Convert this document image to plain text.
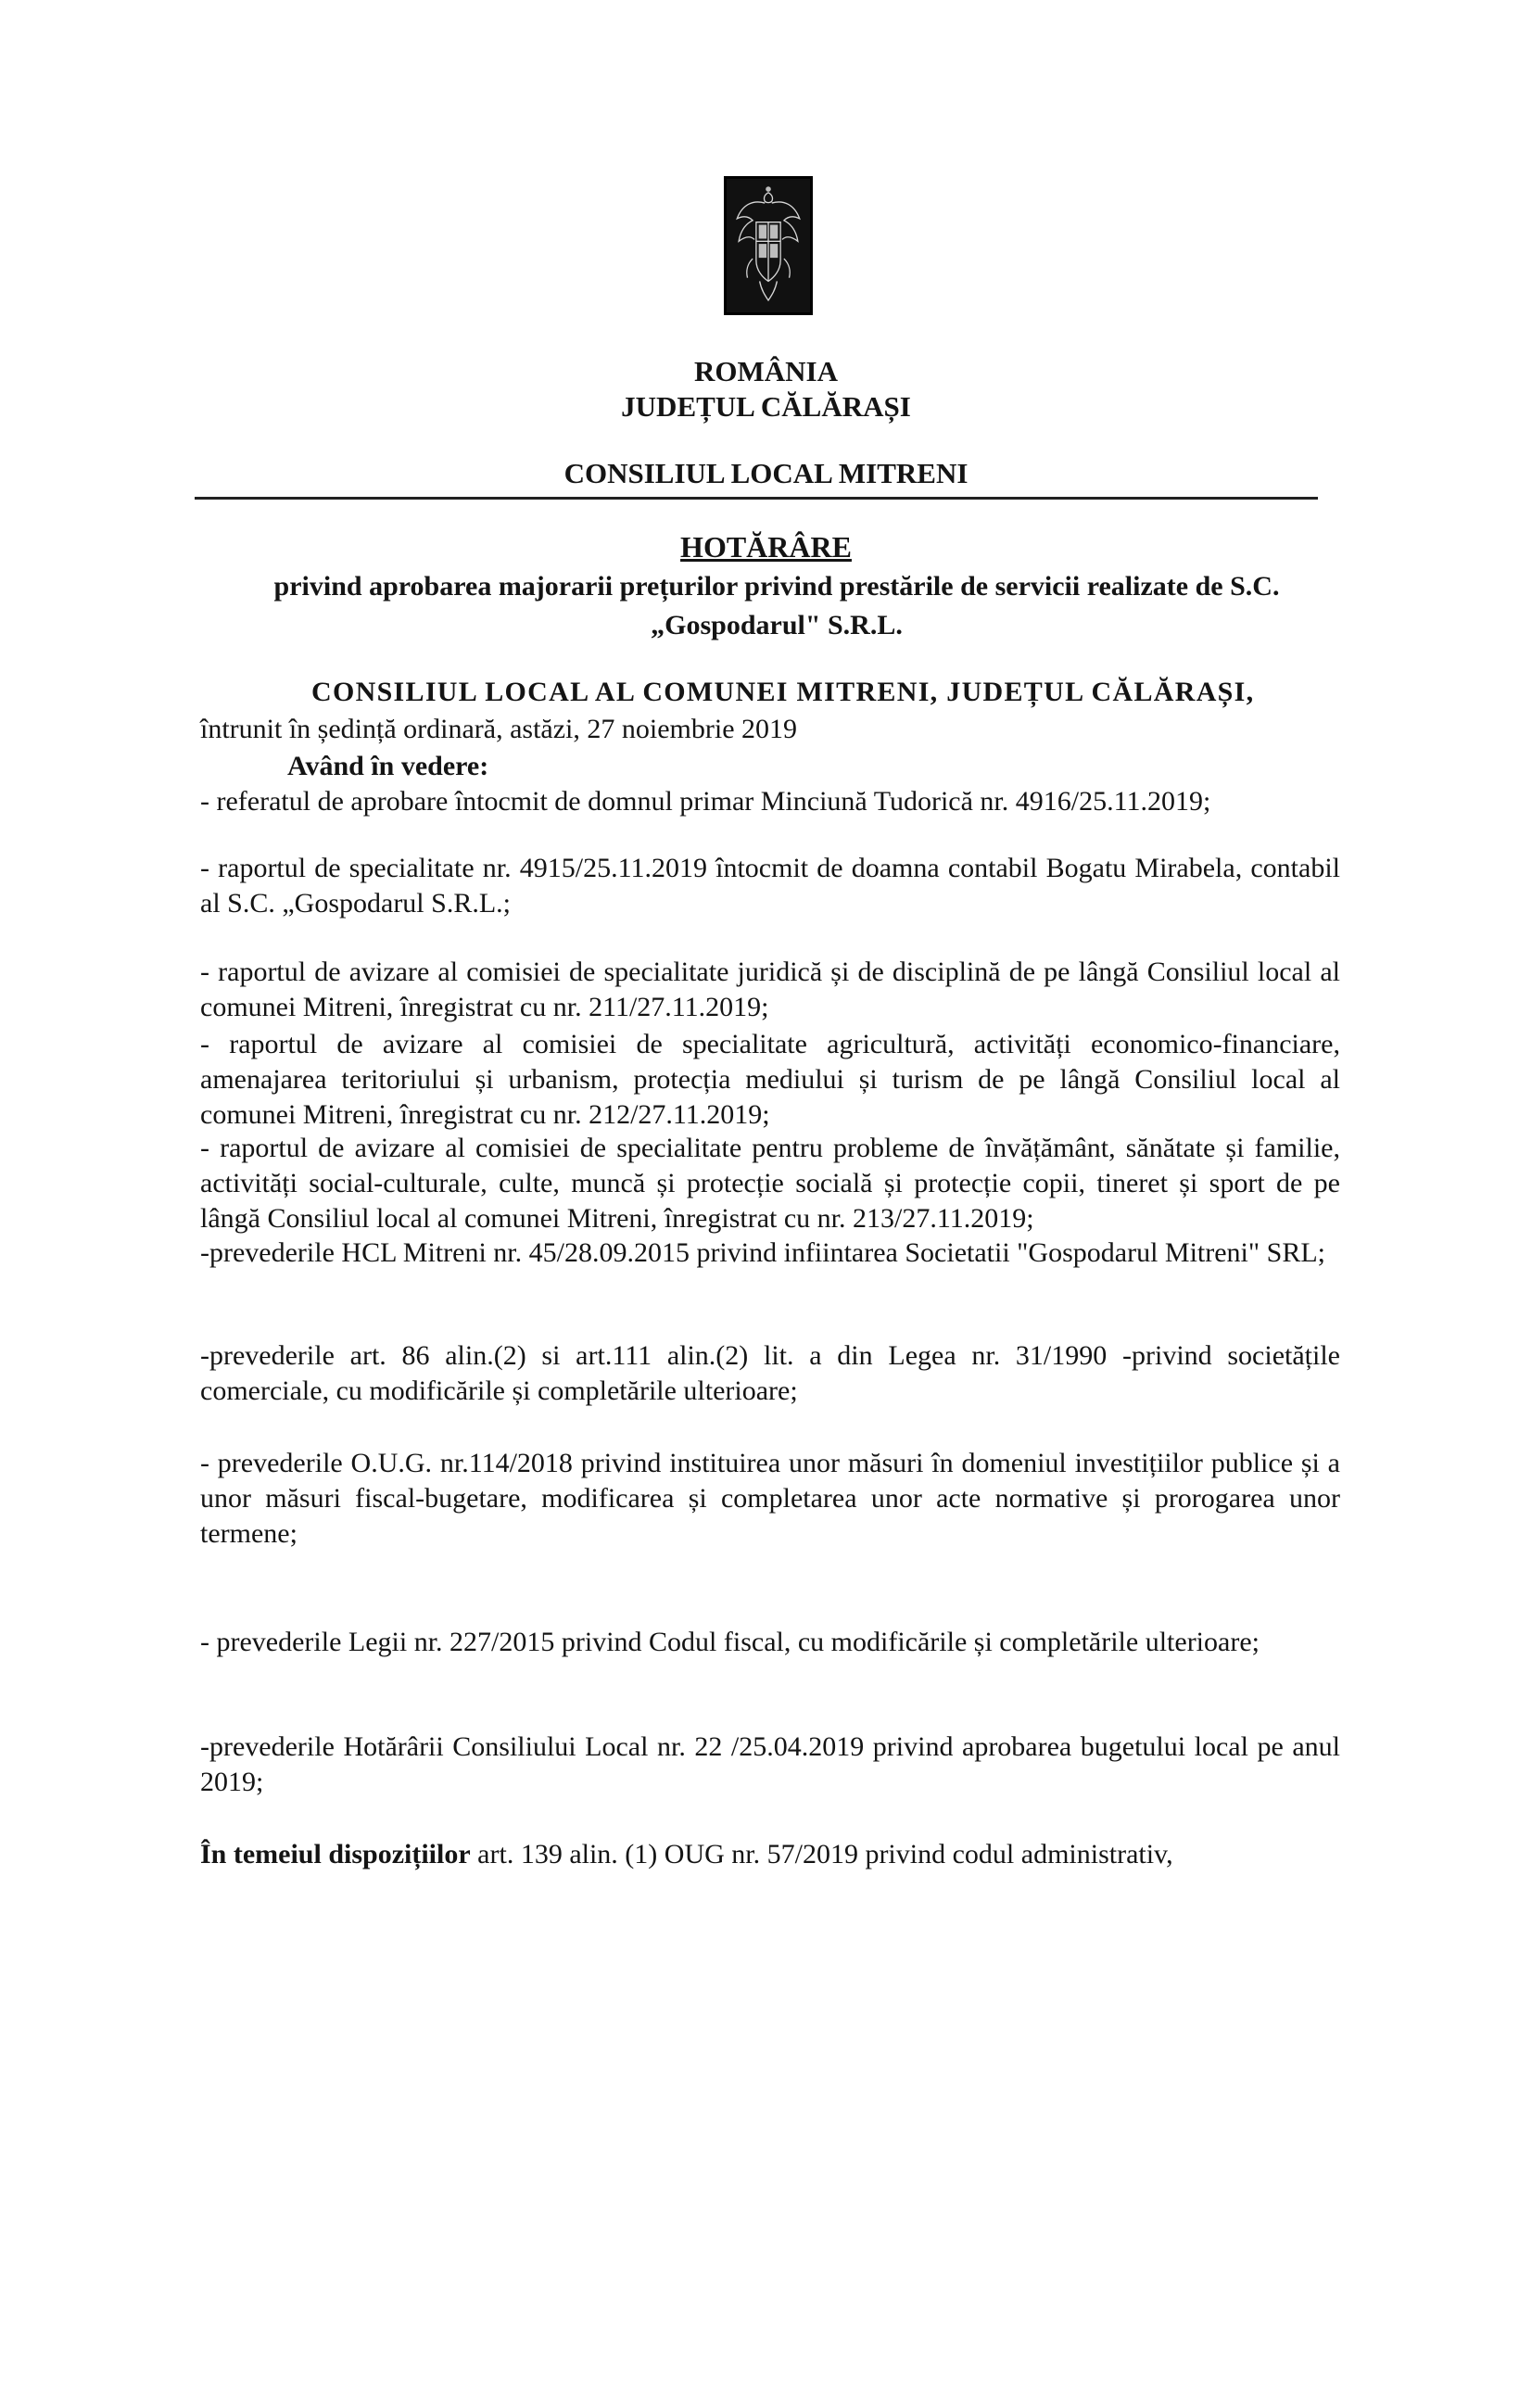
ROMÂNIA
JUDEȚUL CĂLĂRAȘI
CONSILIUL LOCAL MITRENI
HOTĂRÂRE
privind aprobarea majorarii prețurilor privind prestările de servicii realizate de S.C. „Gospodarul" S.R.L.
CONSILIUL LOCAL AL COMUNEI MITRENI, JUDEȚUL CĂLĂRAȘI,
întrunit în ședință ordinară, astăzi, 27 noiembrie 2019
Având în vedere:
- referatul de aprobare întocmit de domnul primar Minciună Tudorică nr. 4916/25.11.2019;
- raportul de specialitate nr. 4915/25.11.2019 întocmit de doamna contabil Bogatu Mirabela, contabil al S.C. „Gospodarul S.R.L.;
- raportul de avizare al comisiei de specialitate juridică și de disciplină de pe lângă Consiliul local al comunei Mitreni, înregistrat cu nr. 211/27.11.2019;
- raportul de avizare al comisiei de specialitate agricultură, activități economico-financiare, amenajarea teritoriului și urbanism, protecția mediului și turism de pe lângă Consiliul local al comunei Mitreni, înregistrat cu nr. 212/27.11.2019;
- raportul de avizare al comisiei de specialitate pentru probleme de învățământ, sănătate și familie, activități social-culturale, culte, muncă și protecție socială și protecție copii, tineret și sport de pe lângă Consiliul local al comunei Mitreni, înregistrat cu nr. 213/27.11.2019;
-prevederile HCL Mitreni nr. 45/28.09.2015 privind infiintarea Societatii "Gospodarul Mitreni" SRL;
-prevederile art. 86 alin.(2) si art.111 alin.(2) lit. a din Legea nr. 31/1990 -privind societățile comerciale, cu modificările și completările ulterioare;
- prevederile O.U.G. nr.114/2018 privind instituirea unor măsuri în domeniul investițiilor publice și a unor măsuri fiscal-bugetare, modificarea și completarea unor acte normative și prorogarea unor termene;
- prevederile Legii nr. 227/2015 privind Codul fiscal, cu modificările și completările ulterioare;
-prevederile Hotărârii Consiliului Local nr. 22 /25.04.2019 privind aprobarea bugetului local pe anul 2019;
În temeiul dispozițiilor art. 139 alin. (1) OUG nr. 57/2019 privind codul administrativ,
